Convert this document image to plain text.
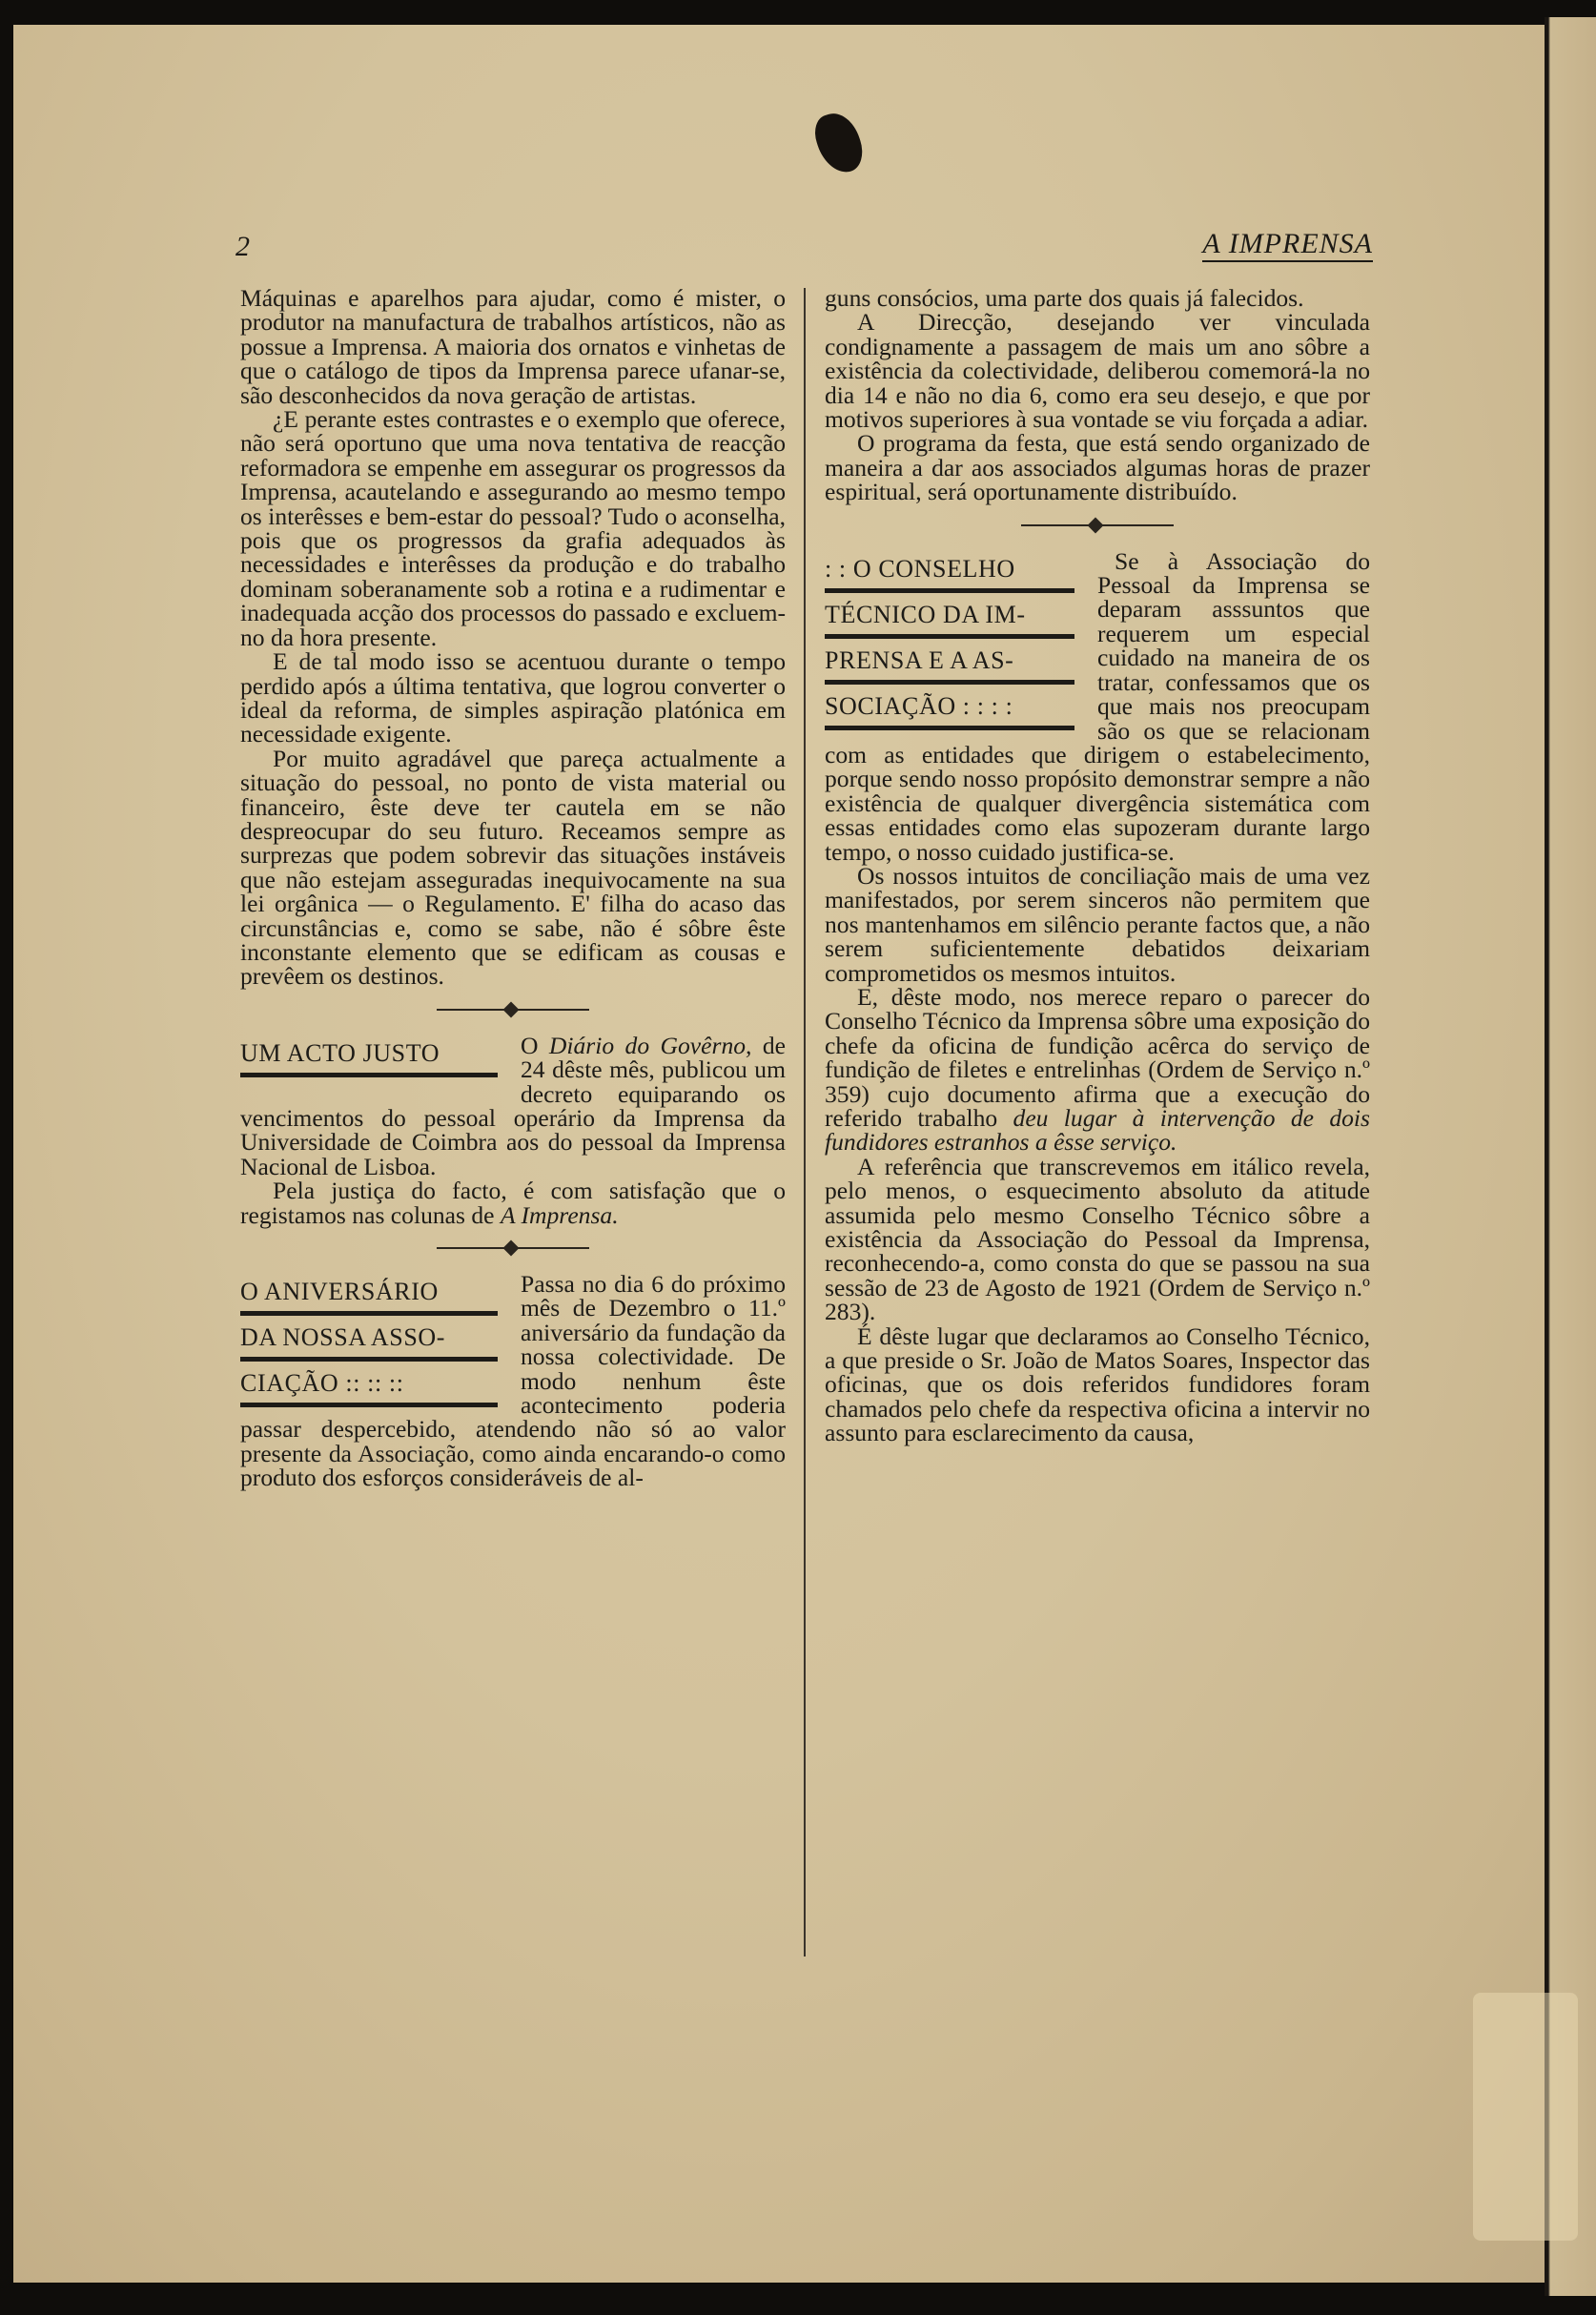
2	A IMPRENSA

Máquinas e aparelhos para ajudar, como é mister, o produtor na manufactura de trabalhos artísticos, não as possue a Imprensa. A maioria dos ornatos e vinhetas de que o catálogo de tipos da Imprensa parece ufanar-se, são desconhecidos da nova geração de artistas.

¿E perante estes contrastes e o exemplo que oferece, não será oportuno que uma nova tentativa de reacção reformadora se empenhe em assegurar os progressos da Imprensa, acautelando e assegurando ao mesmo tempo os interêsses e bem-estar do pessoal? Tudo o aconselha, pois que os progressos da grafia adequados às necessidades e interêsses da produção e do trabalho dominam soberanamente sob a rotina e a rudimentar e inadequada acção dos processos do passado e excluem-no da hora presente.

E de tal modo isso se acentuou durante o tempo perdido após a última tentativa, que logrou converter o ideal da reforma, de simples aspiração platónica em necessidade exigente.

Por muito agradável que pareça actualmente a situação do pessoal, no ponto de vista material ou financeiro, êste deve ter cautela em se não despreocupar do seu futuro. Receamos sempre as surprezas que podem sobrevir das situações instáveis que não estejam asseguradas inequivocamente na sua lei orgânica — o Regulamento. E' filha do acaso das circunstâncias e, como se sabe, não é sôbre êste inconstante elemento que se edificam as cousas e prevêem os destinos.

UM ACTO JUSTO	O Diário do Govêrno, de 24 dêste mês, publicou um decreto equiparando os vencimentos do pessoal operário da Imprensa da Universidade de Coimbra aos do pessoal da Imprensa Nacional de Lisboa.

Pela justiça do facto, é com satisfação que o registamos nas colunas de A Imprensa.

O ANIVERSÁRIO
DA NOSSA ASSO-
CIAÇÃO :: :: ::

Passa no dia 6 do próximo mês de Dezembro o 11.º aniversário da fundação da nossa colectividade. De modo nenhum êste acontecimento poderia passar despercebido, atendendo não só ao valor presente da Associação, como ainda encarando-o como produto dos esforços consideráveis de al-

guns consócios, uma parte dos quais já falecidos.

A Direcção, desejando ver vinculada condignamente a passagem de mais um ano sôbre a existência da colectividade, deliberou comemorá-la no dia 14 e não no dia 6, como era seu desejo, e que por motivos superiores à sua vontade se viu forçada a adiar.

O programa da festa, que está sendo organizado de maneira a dar aos associados algumas horas de prazer espiritual, será oportunamente distribuído.

: : O CONSELHO
TÉCNICO DA IM-
PRENSA E A AS-
SOCIAÇÃO : : : :

Se à Associação do Pessoal da Imprensa se deparam asssuntos que requerem um especial cuidado na maneira de os tratar, confessamos que os que mais nos preocupam são os que se relacionam com as entidades que dirigem o estabelecimento, porque sendo nosso propósito demonstrar sempre a não existência de qualquer divergência sistemática com essas entidades como elas supozeram durante largo tempo, o nosso cuidado justifica-se.

Os nossos intuitos de conciliação mais de uma vez manifestados, por serem sinceros não permitem que nos mantenhamos em silêncio perante factos que, a não serem suficientemente debatidos deixariam comprometidos os mesmos intuitos.

E, dêste modo, nos merece reparo o parecer do Conselho Técnico da Imprensa sôbre uma exposição do chefe da oficina de fundição acêrca do serviço de fundição de filetes e entrelinhas (Ordem de Serviço n.º 359) cujo documento afirma que a execução do referido trabalho deu lugar à intervenção de dois fundidores estranhos a êsse serviço.

A referência que transcrevemos em itálico revela, pelo menos, o esquecimento absoluto da atitude assumida pelo mesmo Conselho Técnico sôbre a existência da Associação do Pessoal da Imprensa, reconhecendo-a, como consta do que se passou na sua sessão de 23 de Agosto de 1921 (Ordem de Serviço n.º 283).

É dêste lugar que declaramos ao Conselho Técnico, a que preside o Sr. João de Matos Soares, Inspector das oficinas, que os dois referidos fundidores foram chamados pelo chefe da respectiva oficina a intervir no assunto para esclarecimento da causa,
